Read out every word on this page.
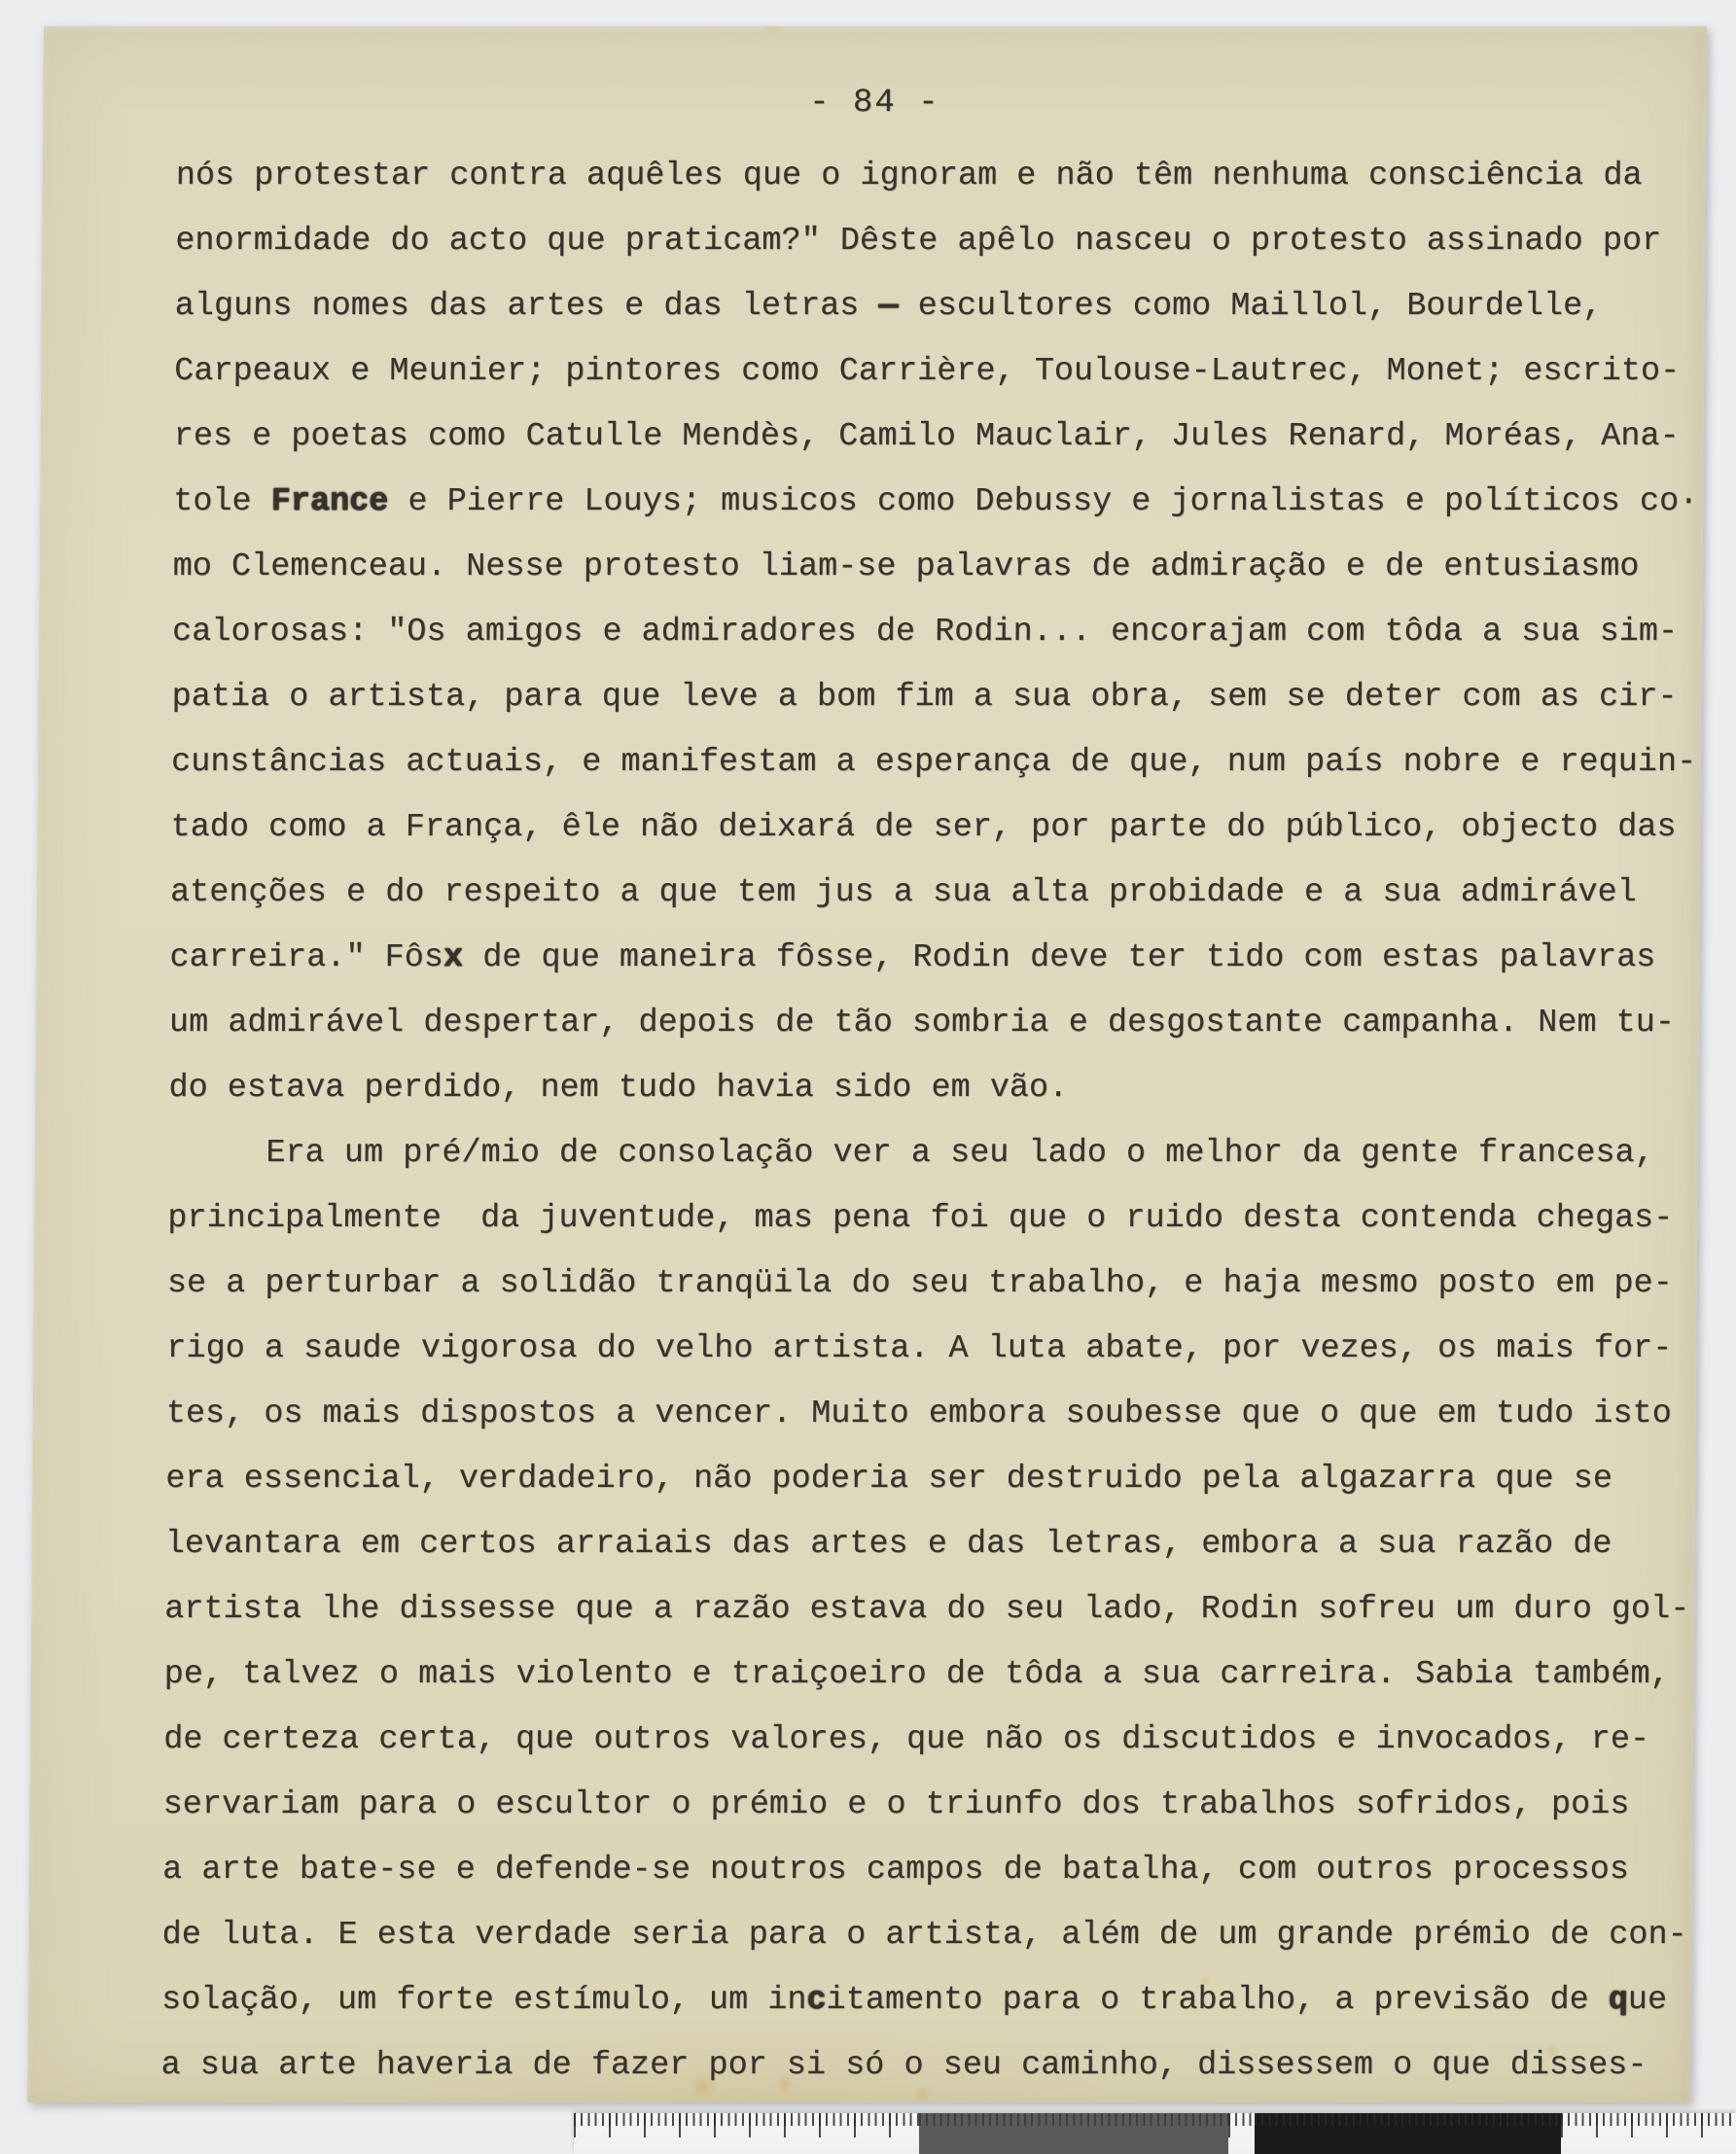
- 84 -
nós protestar contra aquêles que o ignoram e não têm nenhuma consciência da
enormidade do acto que praticam?" Dêste apêlo nasceu o protesto assinado por
alguns nomes das artes e das letras — escultores como Maillol, Bourdelle,
Carpeaux e Meunier; pintores como Carrière, Toulouse-Lautrec, Monet; escrito-
res e poetas como Catulle Mendès, Camilo Mauclair, Jules Renard, Moréas, Ana-
tole France e Pierre Louys; musicos como Debussy e jornalistas e políticos co·
mo Clemenceau. Nesse protesto liam-se palavras de admiração e de entusiasmo
calorosas: "Os amigos e admiradores de Rodin... encorajam com tôda a sua sim-
patia o artista, para que leve a bom fim a sua obra, sem se deter com as cir-
cunstâncias actuais, e manifestam a esperança de que, num país nobre e requin-
tado como a França, êle não deixará de ser, por parte do público, objecto das
atenções e do respeito a que tem jus a sua alta probidade e a sua admirável
carreira." Fôs x de que maneira fôsse, Rodin deve ter tido com estas palavras
um admirável despertar, depois de tão sombria e desgostante campanha. Nem tu-
do estava perdido, nem tudo havia sido em vão.
Era um pré/mio de consolação ver a seu lado o melhor da gente francesa,
principalmente  da juventude, mas pena foi que o ruido desta contenda chegas-
se a perturbar a solidão tranqüila do seu trabalho, e haja mesmo posto em pe-
rigo a saude vigorosa do velho artista. A luta abate, por vezes, os mais for-
tes, os mais dispostos a vencer. Muito embora soubesse que o que em tudo isto
era essencial, verdadeiro, não poderia ser destruido pela algazarra que se
levantara em certos arraiais das artes e das letras, embora a sua razão de
artista lhe dissesse que a razão estava do seu lado, Rodin sofreu um duro gol-
pe, talvez o mais violento e traiçoeiro de tôda a sua carreira. Sabia também,
de certeza certa, que outros valores, que não os discutidos e invocados, re-
servariam para o escultor o prémio e o triunfo dos trabalhos sofridos, pois
a arte bate-se e defende-se noutros campos de batalha, com outros processos
de luta. E esta verdade seria para o artista, além de um grande prémio de con-
solação, um forte estímulo, um in c itamento para o trabalho, a previsão de q ue
a sua arte haveria de fazer por si só o seu caminho, dissessem o que disses-
